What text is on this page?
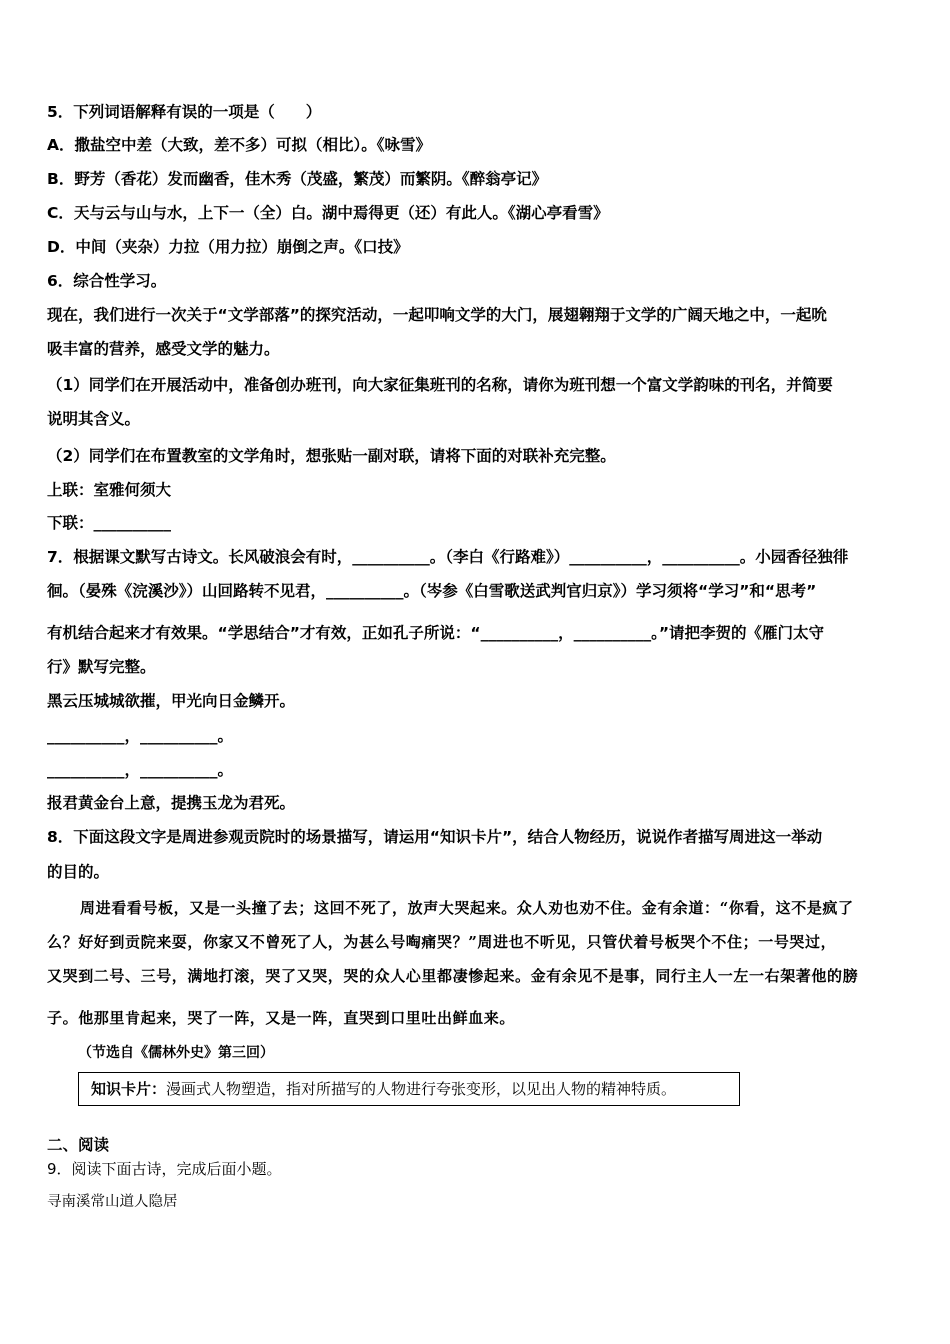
5．下列词语解释有误的一项是（　　）
A．撒盐空中差（大致，差不多）可拟（相比）。《咏雪》
B．野芳（香花）发而幽香，佳木秀（茂盛，繁茂）而繁阴。《醉翁亭记》
C．天与云与山与水，上下一（全）白。湖中焉得更（还）有此人。《湖心亭看雪》
D．中间（夹杂）力拉（用力拉）崩倒之声。《口技》
6．综合性学习。
现在，我们进行一次关于“文学部落”的探究活动，一起叩响文学的大门，展翅翱翔于文学的广阔天地之中，一起吮
吸丰富的营养，感受文学的魅力。
（1）同学们在开展活动中，准备创办班刊，向大家征集班刊的名称，请你为班刊想一个富文学韵味的刊名，并简要
说明其含义。
（2）同学们在布置教室的文学角时，想张贴一副对联，请将下面的对联补充完整。
上联：室雅何须大
下联：__________
7．根据课文默写古诗文。长风破浪会有时，__________。（李白《行路难》）__________，__________。小园香径独徘
徊。（晏殊《浣溪沙》）山回路转不见君，__________。（岑参《白雪歌送武判官归京》）学习须将“学习”和“思考”
有机结合起来才有效果。“学思结合”才有效，正如孔子所说：“__________，__________。”请把李贺的《雁门太守
行》默写完整。
黑云压城城欲摧，甲光向日金鳞开。
__________，__________。
__________，__________。
报君黄金台上意，提携玉龙为君死。
8．下面这段文字是周进参观贡院时的场景描写，请运用“知识卡片”，结合人物经历，说说作者描写周进这一举动
的目的。
周进看看号板，又是一头撞了去；这回不死了，放声大哭起来。众人劝也劝不住。金有余道：“你看，这不是疯了
么？好好到贡院来耍，你家又不曾死了人，为甚么号啕痛哭？”周进也不听见，只管伏着号板哭个不住；一号哭过，
又哭到二号、三号，满地打滚，哭了又哭，哭的众人心里都凄惨起来。金有余见不是事，同行主人一左一右架著他的膀
子。他那里肯起来，哭了一阵，又是一阵，直哭到口里吐出鲜血来。
（节选自《儒林外史》第三回）
知识卡片：漫画式人物塑造，指对所描写的人物进行夸张变形，以见出人物的精神特质。
二、阅读
9．阅读下面古诗，完成后面小题。
寻南溪常山道人隐居
